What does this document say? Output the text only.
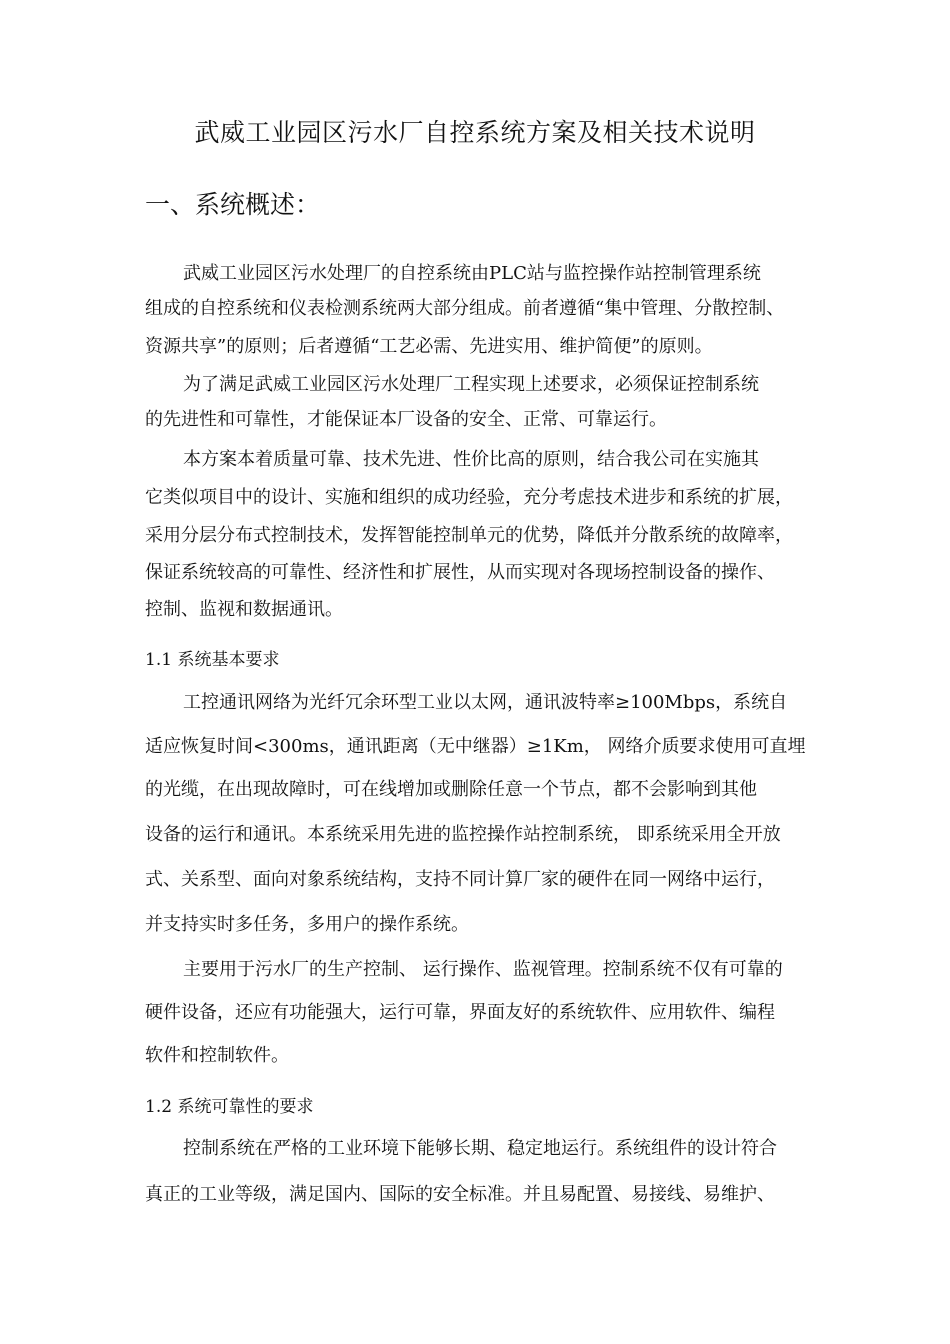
武威工业园区污水厂自控系统方案及相关技术说明
一、系统概述：
武威工业园区污水处理厂的自控系统由PLC站与监控操作站控制管理系统
组成的自控系统和仪表检测系统两大部分组成。前者遵循“集中管理、分散控制、
资源共享”的原则；后者遵循“工艺必需、先进实用、维护简便”的原则。
为了满足武威工业园区污水处理厂工程实现上述要求，必须保证控制系统
的先进性和可靠性，才能保证本厂设备的安全、正常、可靠运行。
本方案本着质量可靠、技术先进、性价比高的原则，结合我公司在实施其
它类似项目中的设计、实施和组织的成功经验，充分考虑技术进步和系统的扩展，
采用分层分布式控制技术，发挥智能控制单元的优势，降低并分散系统的故障率，
保证系统较高的可靠性、经济性和扩展性，从而实现对各现场控制设备的操作、
控制、监视和数据通讯。
1.1 系统基本要求
工控通讯网络为光纤冗余环型工业以太网，通讯波特率≥100Mbps，系统自
适应恢复时间<300ms，通讯距离（无中继器）≥1Km， 网络介质要求使用可直埋
的光缆，在出现故障时，可在线增加或删除任意一个节点，都不会影响到其他
设备的运行和通讯。本系统采用先进的监控操作站控制系统， 即系统采用全开放
式、关系型、面向对象系统结构，支持不同计算厂家的硬件在同一网络中运行，
并支持实时多任务，多用户的操作系统。
主要用于污水厂的生产控制、 运行操作、监视管理。控制系统不仅有可靠的
硬件设备，还应有功能强大，运行可靠，界面友好的系统软件、应用软件、编程
软件和控制软件。
1.2 系统可靠性的要求
控制系统在严格的工业环境下能够长期、稳定地运行。系统组件的设计符合
真正的工业等级，满足国内、国际的安全标准。并且易配置、易接线、易维护、
